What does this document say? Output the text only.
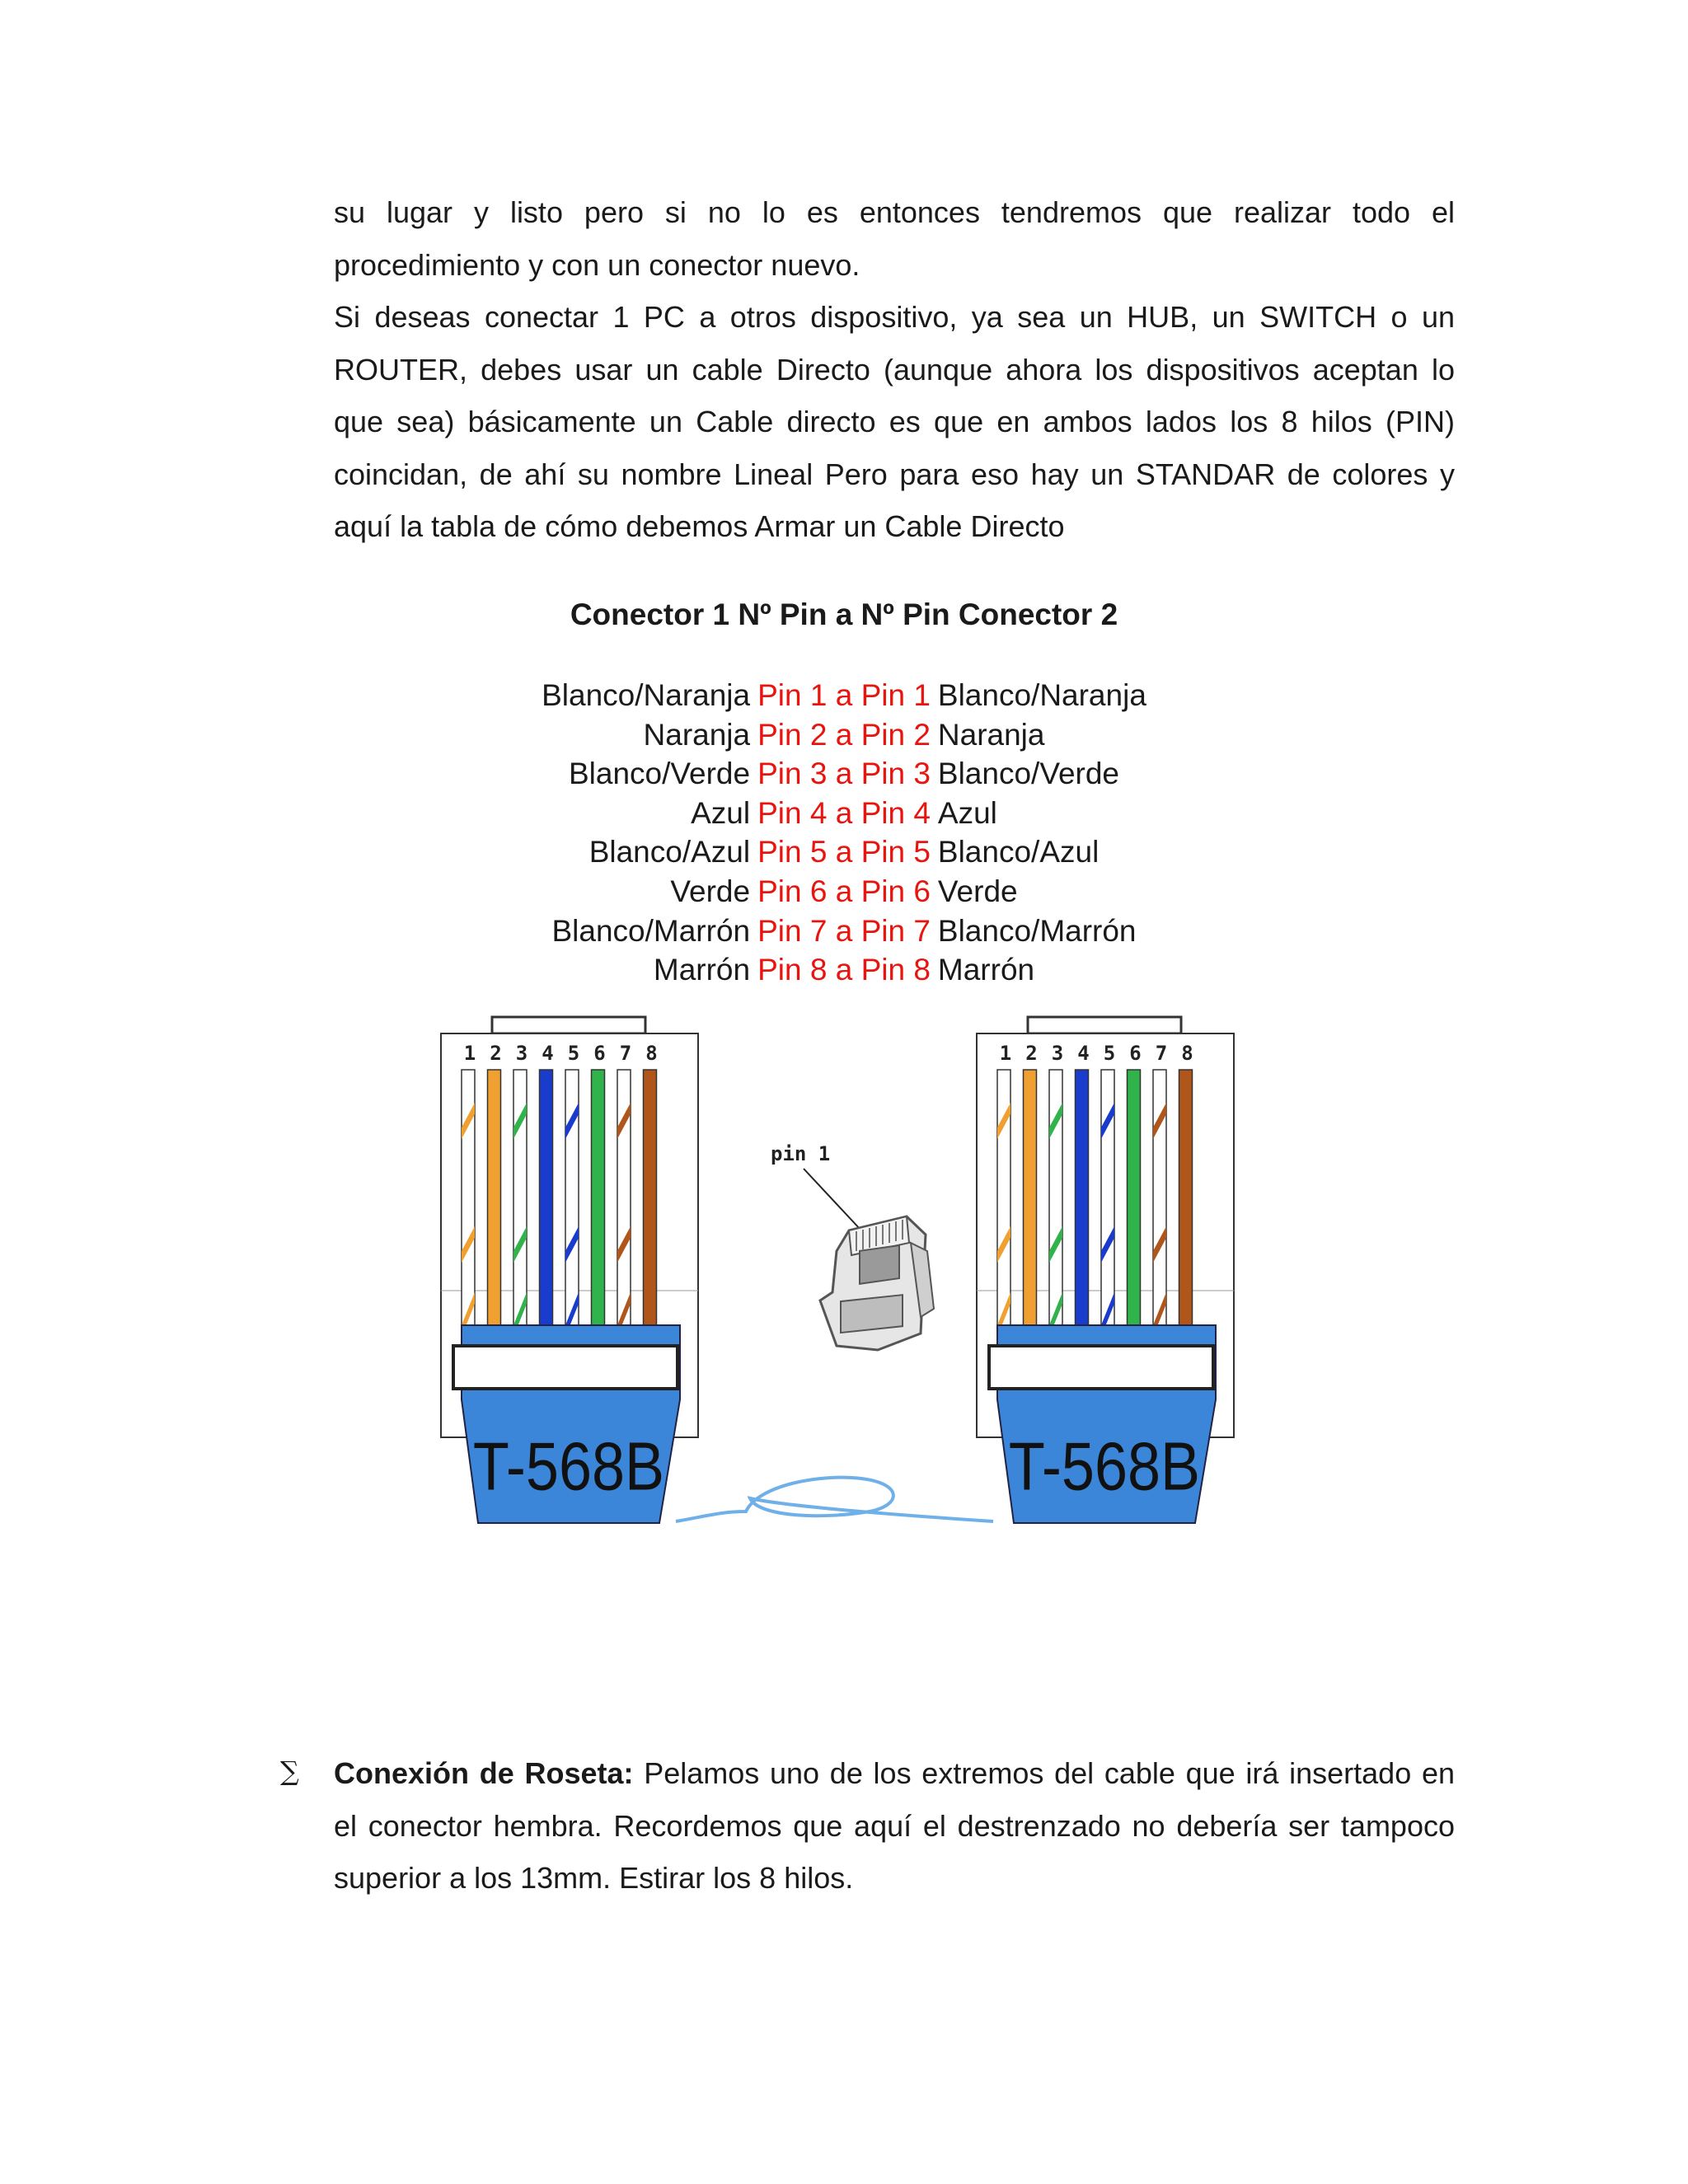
su lugar y listo pero si no lo es entonces tendremos que realizar todo el
procedimiento y con un conector nuevo.
Si deseas conectar 1 PC a otros dispositivo, ya sea un HUB, un SWITCH o un
ROUTER, debes usar un cable Directo (aunque ahora los dispositivos aceptan lo
que sea) básicamente un Cable directo es que en ambos lados los 8 hilos (PIN)
coincidan, de ahí su nombre Lineal Pero para eso hay un STANDAR de colores y
aquí la tabla de cómo debemos Armar un Cable Directo
Conector 1 Nº Pin a Nº Pin Conector 2
Blanco/Naranja Pin 1 a Pin 1 Blanco/Naranja
Naranja Pin 2 a Pin 2 Naranja
Blanco/Verde Pin 3 a Pin 3 Blanco/Verde
Azul Pin 4 a Pin 4 Azul
Blanco/Azul Pin 5 a Pin 5 Blanco/Azul
Verde Pin 6 a Pin 6 Verde
Blanco/Marrón Pin 7 a Pin 7 Blanco/Marrón
Marrón Pin 8 a Pin 8 Marrón
1 2 3 4 5 6 7 8
T-568B
1 2 3 4 5 6 7 8
T-568B
pin 1
∑ Conexión de Roseta: Pelamos uno de los extremos del cable que irá insertado en
el conector hembra. Recordemos que aquí el destrenzado no debería ser tampoco
superior a los 13mm. Estirar los 8 hilos.
